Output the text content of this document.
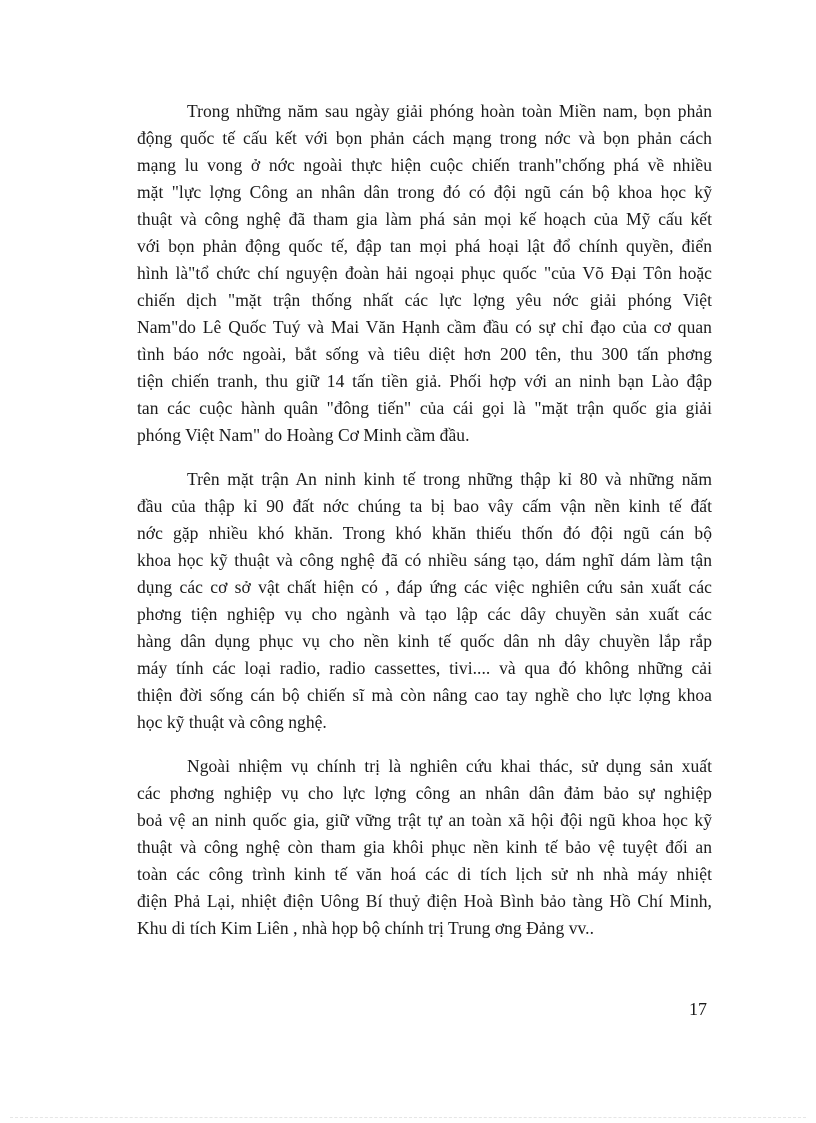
Trong những năm sau ngày giải phóng hoàn toàn Miền nam, bọn phản
động quốc tế cấu kết với bọn phản cách mạng trong nớc và bọn phản cách
mạng lu vong ở nớc ngoài thực hiện cuộc chiến tranh"chống phá về nhiều
mặt "lực lợng Công an nhân dân trong đó có đội ngũ cán bộ khoa học kỹ
thuật và công nghệ đã tham gia làm phá sản mọi kế hoạch của Mỹ cấu kết
với bọn phản động quốc tế, đập tan mọi phá hoại lật đổ chính quyền, điển
hình là"tổ chức chí nguyện đoàn hải ngoại phục quốc "của Võ Đại Tôn hoặc
chiến dịch "mặt trận thống nhất các lực lợng yêu nớc giải phóng Việt
Nam"do Lê Quốc Tuý và Mai Văn Hạnh cầm đầu có sự chỉ đạo của cơ quan
tình báo nớc ngoài, bắt sống và tiêu diệt hơn 200 tên, thu 300 tấn phơng
tiện chiến tranh, thu giữ 14 tấn tiền giả. Phối hợp với an ninh bạn Lào đập
tan các cuộc hành quân "đông tiến" của cái gọi là "mặt trận quốc gia giải
phóng Việt Nam" do Hoàng Cơ Minh cầm đầu.
Trên mặt trận An ninh kinh tế trong những thập kỉ 80 và những năm
đầu của thập kỉ 90 đất nớc chúng ta bị bao vây cấm vận nền kinh tế đất
nớc gặp nhiều khó khăn. Trong khó khăn thiếu thốn đó đội ngũ cán bộ
khoa học kỹ thuật và công nghệ đã có nhiều sáng tạo, dám nghĩ dám làm tận
dụng các cơ sở vật chất hiện có , đáp ứng các việc nghiên cứu sản xuất các
phơng tiện nghiệp vụ cho ngành và tạo lập các dây chuyền sản xuất các
hàng dân dụng phục vụ cho nền kinh tế quốc dân nh dây chuyền lắp rắp
máy tính các loại radio, radio cassettes, tivi.... và qua đó không những cải
thiện đời sống cán bộ chiến sĩ mà còn nâng cao tay nghề cho lực lợng khoa
học kỹ thuật và công nghệ.
Ngoài nhiệm vụ chính trị là nghiên cứu khai thác, sử dụng sản xuất
các phơng nghiệp vụ cho lực lợng công an nhân dân đảm bảo sự nghiệp
boả vệ an ninh quốc gia, giữ vững trật tự an toàn xã hội đội ngũ khoa học kỹ
thuật và công nghệ còn tham gia khôi phục nền kinh tế bảo vệ tuyệt đối an
toàn các công trình kinh tế văn hoá các di tích lịch sử nh nhà máy nhiệt
điện Phả Lại, nhiệt điện Uông Bí thuỷ điện Hoà Bình bảo tàng Hồ Chí Minh,
Khu di tích Kim Liên , nhà họp bộ chính trị Trung ơng Đảng vv..
17
